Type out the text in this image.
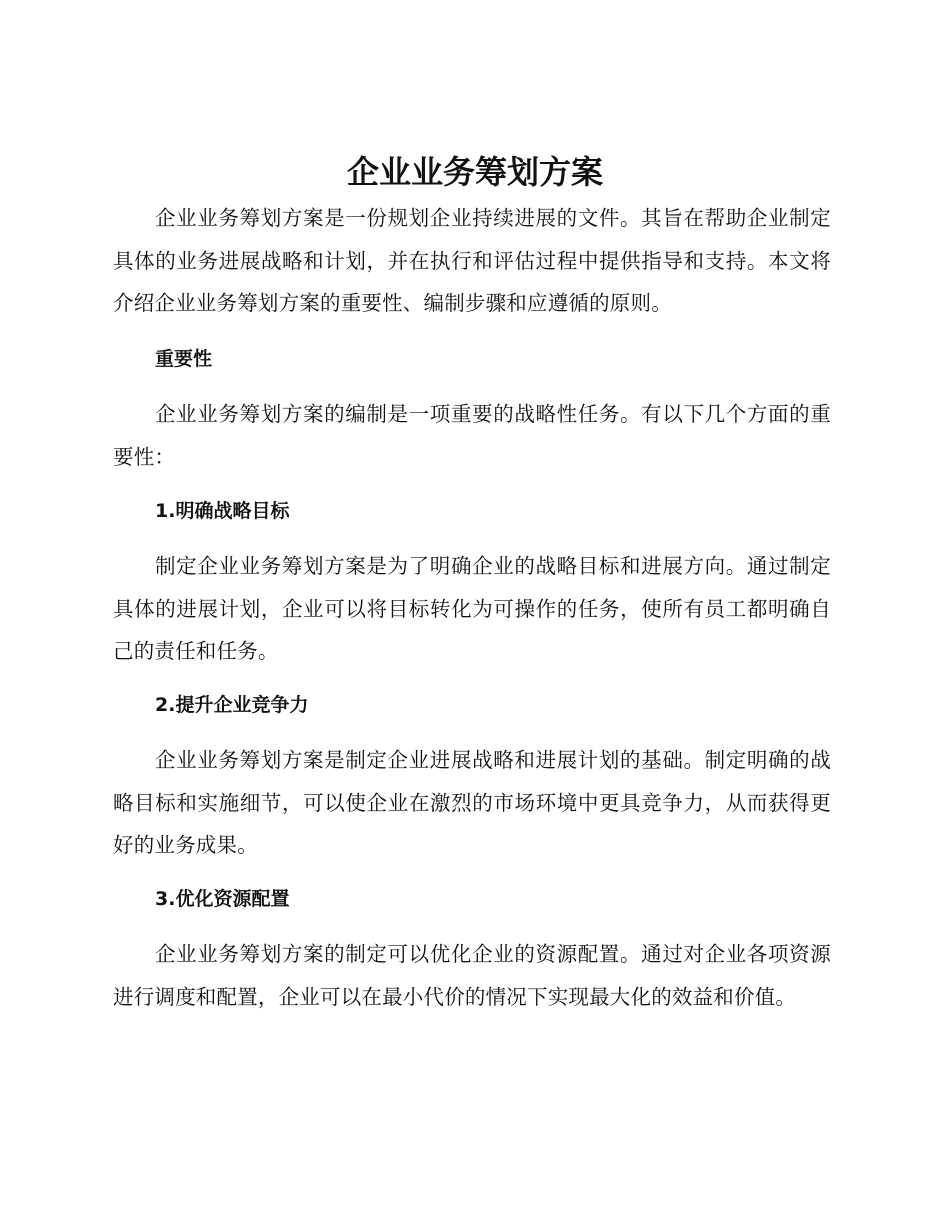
企业业务筹划方案

企业业务筹划方案是一份规划企业持续进展的文件。其旨在帮助企业制定具体的业务进展战略和计划，并在执行和评估过程中提供指导和支持。本文将介绍企业业务筹划方案的重要性、编制步骤和应遵循的原则。

重要性

企业业务筹划方案的编制是一项重要的战略性任务。有以下几个方面的重要性：

1.明确战略目标

制定企业业务筹划方案是为了明确企业的战略目标和进展方向。通过制定具体的进展计划，企业可以将目标转化为可操作的任务，使所有员工都明确自己的责任和任务。

2.提升企业竞争力

企业业务筹划方案是制定企业进展战略和进展计划的基础。制定明确的战略目标和实施细节，可以使企业在激烈的市场环境中更具竞争力，从而获得更好的业务成果。

3.优化资源配置

企业业务筹划方案的制定可以优化企业的资源配置。通过对企业各项资源进行调度和配置，企业可以在最小代价的情况下实现最大化的效益和价值。
